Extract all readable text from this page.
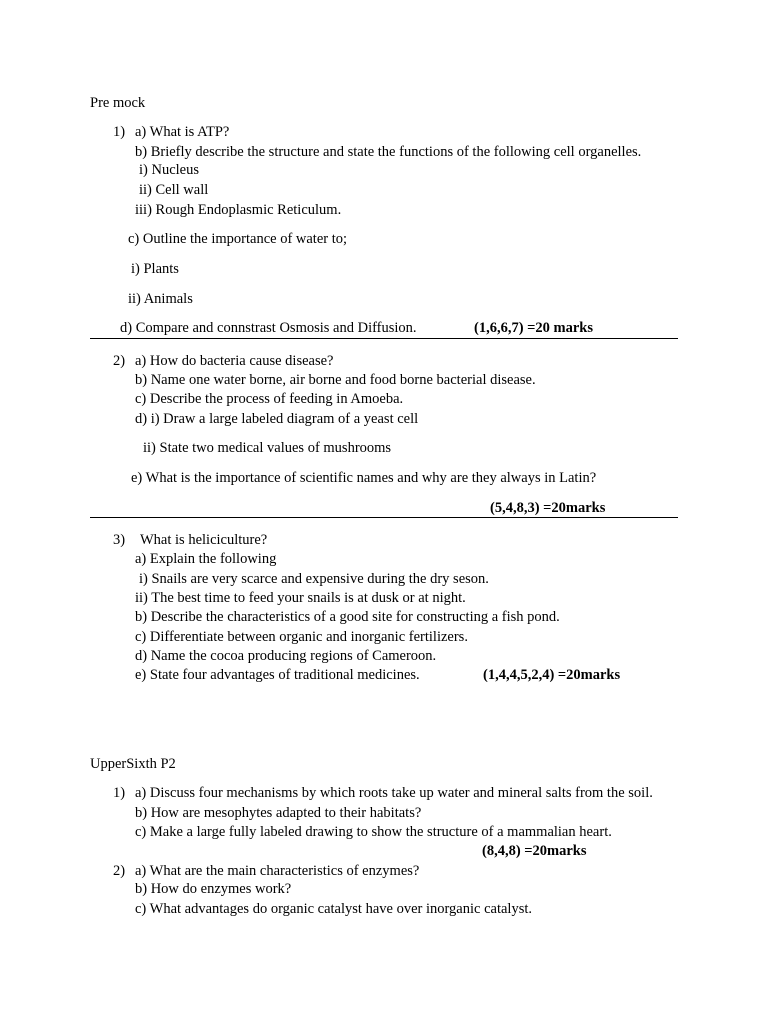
Pre mock
1) a) What is ATP?
b) Briefly describe the structure and state the functions of the following cell organelles.
i) Nucleus
ii) Cell wall
iii) Rough Endoplasmic Reticulum.
c) Outline the importance of water to;
i) Plants
ii) Animals
d) Compare and connstrast Osmosis and Diffusion.	(1,6,6,7) =20 marks
2) a) How do bacteria cause disease?
b) Name one water borne, air borne and food borne bacterial disease.
c) Describe the process of feeding in Amoeba.
d) i) Draw a large labeled diagram of a yeast cell
ii) State two medical values of mushrooms
e) What is the importance of scientific names and why are they always in Latin?
(5,4,8,3) =20marks
3) What is heliciculture?
a) Explain the following
i) Snails are very scarce and expensive during the dry seson.
ii) The best time to feed your snails is at dusk or at night.
b) Describe the characteristics of a good site for constructing a fish pond.
c) Differentiate between organic and inorganic fertilizers.
d) Name the cocoa producing regions of Cameroon.
e) State four advantages of traditional medicines.	(1,4,4,5,2,4) =20marks
UpperSixth P2
1) a) Discuss four mechanisms by which roots take up water and mineral salts from the soil.
b) How are mesophytes adapted to their habitats?
c) Make a large fully labeled drawing to show the structure of a mammalian heart.
(8,4,8) =20marks
2) a) What are the main characteristics of enzymes?
b) How do enzymes work?
c) What advantages do organic catalyst have over inorganic catalyst.
